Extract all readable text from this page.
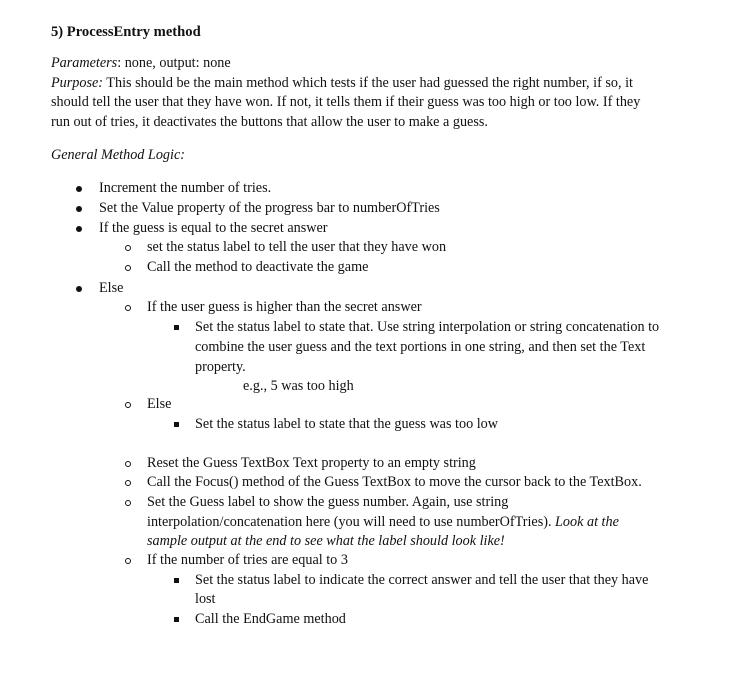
5) ProcessEntry method

Parameters: none, output: none

Purpose: This should be the main method which tests if the user had guessed the right number, if so, it

should tell the user that they have won. If not, it tells them if their guess was too high or too low. If they

run out of tries, it deactivates the buttons that allow the user to make a guess.

General Method Logic:
Increment the number of tries.
Set the Value property of the progress bar to numberOfTries
If the guess is equal to the secret answer
set the status label to tell the user that they have won
Call the method to deactivate the game
Else
If the user guess is higher than the secret answer
Set the status label to state that. Use string interpolation or string concatenation to
combine the user guess and the text portions in one string, and then set the Text
property.
e.g., 5 was too high
Else
Set the status label to state that the guess was too low
Reset the Guess TextBox Text property to an empty string
Call the Focus() method of the Guess TextBox to move the cursor back to the TextBox.
Set the Guess label to show the guess number. Again, use string
interpolation/concatenation here (you will need to use numberOfTries). Look at the
sample output at the end to see what the label should look like!
If the number of tries are equal to 3
Set the status label to indicate the correct answer and tell the user that they have
lost
Call the EndGame method
